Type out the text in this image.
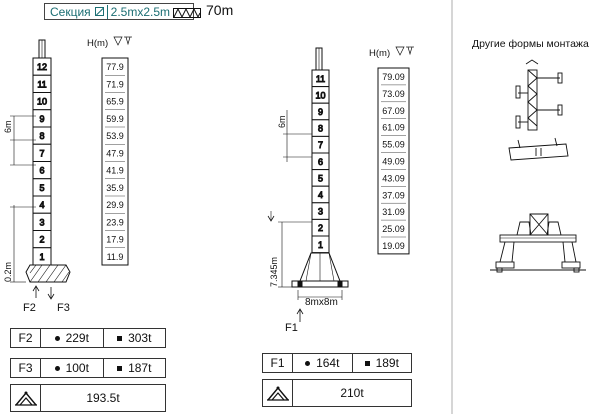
Секция	2.5mx2.5m	70m
Другие формы монтажа
12
11
10
9
8
7
6
5
4
3
2
1
6m
0.2m
F2 F3
H(m)
77.9
71.9
65.9
59.9
53.9
47.9
41.9
35.9
29.9
23.9
17.9
11.9
11
10
9
8
7
6
5
4
3
2
1
6m
7.345m
8mx8m
F1
H(m)
79.09
73.09
67.09
61.09
55.09
49.09
43.09
37.09
31.09
25.09
19.09
F2	229t	303t
F3	100t	187t
193.5t
F1	164t	189t
210t
